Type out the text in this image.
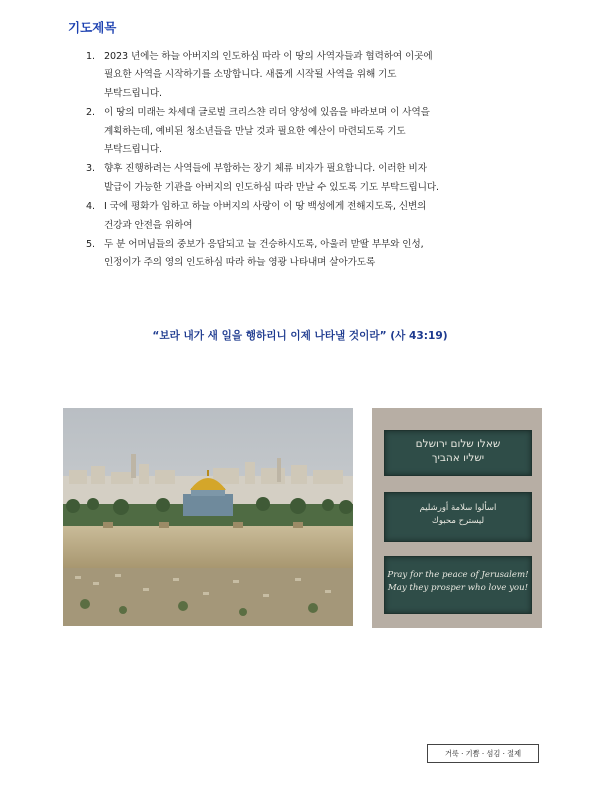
기도제목
1. 2023 년에는 하늘 아버지의 인도하심 따라 이 땅의 사역자들과 협력하여 이곳에
필요한 사역을 시작하기를 소망합니다. 새롭게 시작될 사역을 위해 기도
부탁드립니다.
2. 이 땅의 미래는 차세대 글로벌 크리스챤 리더 양성에 있음을 바라보며 이 사역을
계획하는데, 예비된 청소년들을 만날 것과 필요한 예산이 마련되도록 기도
부탁드립니다.
3. 향후 진행하려는 사역들에 부합하는 장기 체류 비자가 필요합니다. 이러한 비자
발급이 가능한 기관을 아버지의 인도하심 따라 만날 수 있도록 기도 부탁드립니다.
4. I 국에 평화가 임하고 하늘 아버지의 사랑이 이 땅 백성에게 전해지도록, 신변의
건강과 안전을 위하여
5. 두 분 어머님들의 중보가 응답되고 늘 건승하시도록, 아울러 맏딸 부부와 인성,
인정이가 주의 영의 인도하심 따라 하늘 영광 나타내며 살아가도록
“보라 내가 새 일을 행하리니 이제 나타낼 것이라” (사 43:19)
שאלו שלום ירושלם
ישליו אהביך
اسألوا سلامة أورشليم
ليسترح محبوك
Pray for the peace of Jerusalem!
May they prosper who love you!
거룩 · 기쁨 · 섬김 · 절제
